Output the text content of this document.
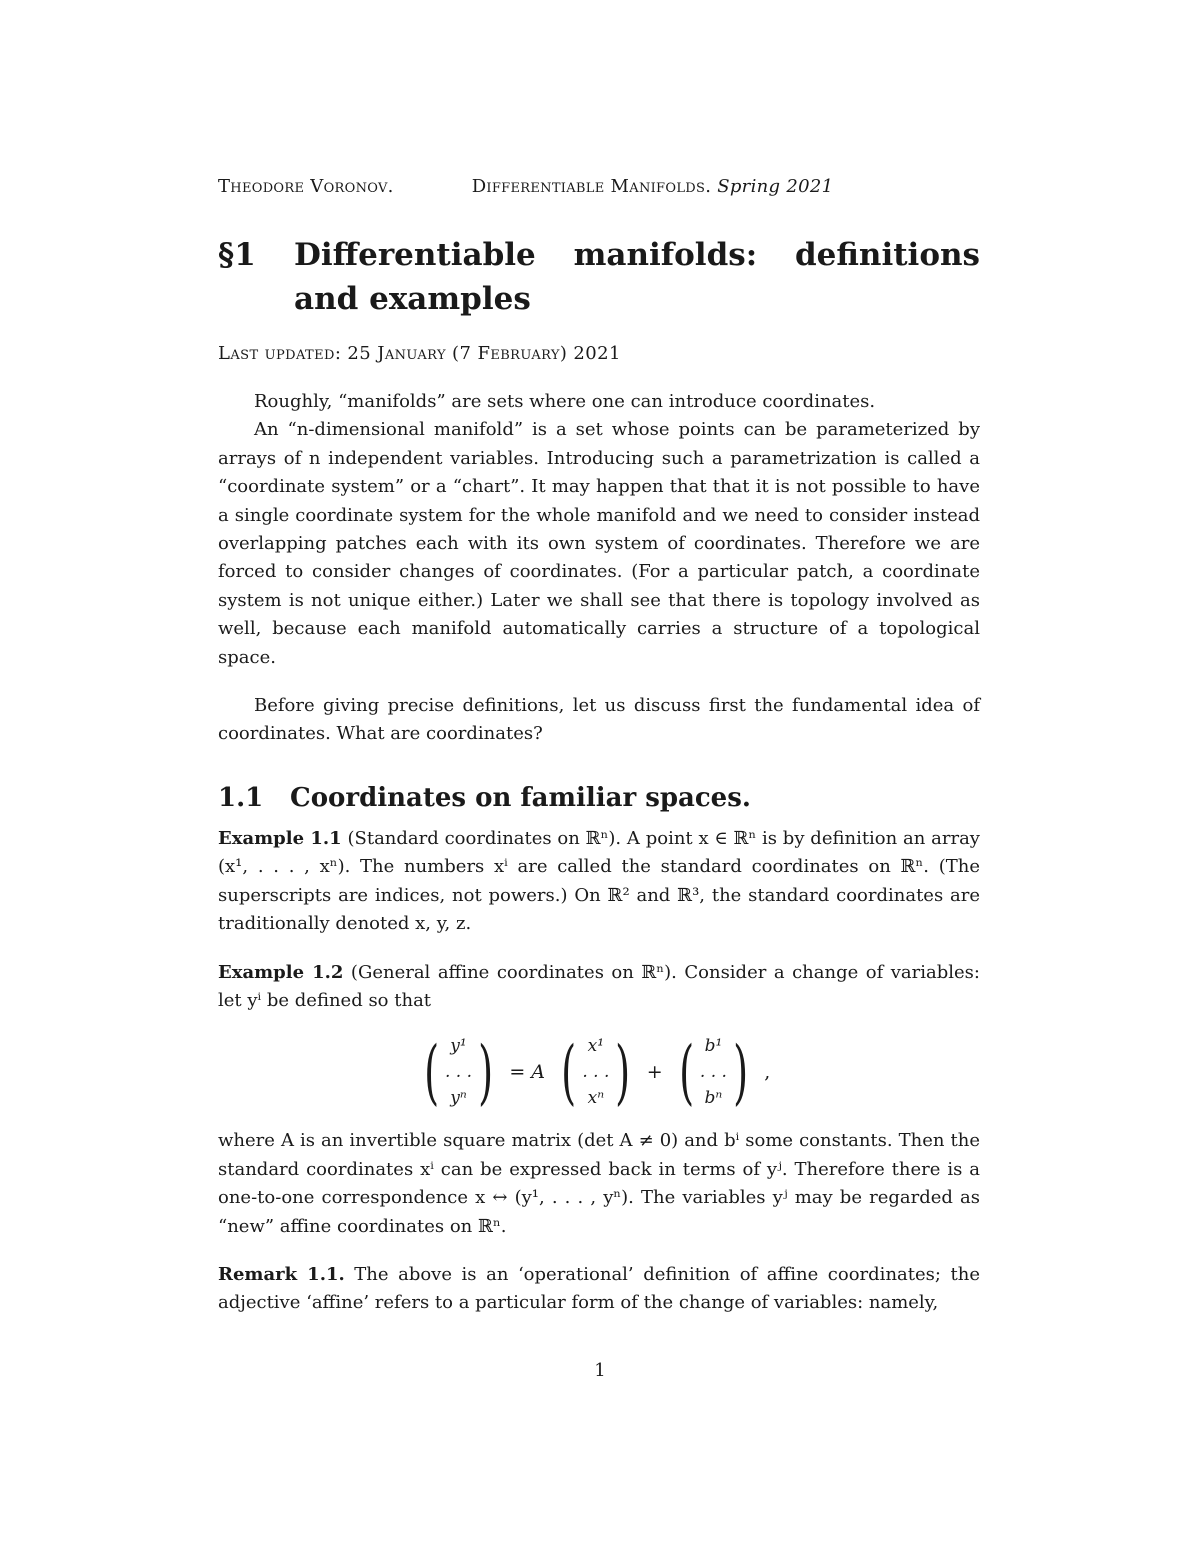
Theodore Voronov.	Differentiable Manifolds. Spring 2021
§1	Differentiable manifolds: definitions and examples
Last updated: 25 January (7 February) 2021

Roughly, “manifolds” are sets where one can introduce coordinates.

An “n-dimensional manifold” is a set whose points can be parameterized by arrays of n independent variables. Introducing such a parametrization is called a “coordinate system” or a “chart”. It may happen that that it is not possible to have a single coordinate system for the whole manifold and we need to consider instead overlapping patches each with its own system of coordinates. Therefore we are forced to consider changes of coordinates. (For a particular patch, a coordinate system is not unique either.) Later we shall see that there is topology involved as well, because each manifold automatically carries a structure of a topological space.

Before giving precise definitions, let us discuss first the fundamental idea of coordinates. What are coordinates?

1.1	Coordinates on familiar spaces.

Example 1.1 (Standard coordinates on ℝⁿ). A point x ∈ ℝⁿ is by definition an array (x¹, . . . , xⁿ). The numbers xⁱ are called the standard coordinates on ℝⁿ. (The superscripts are indices, not powers.) On ℝ² and ℝ³, the standard coordinates are traditionally denoted x, y, z.

Example 1.2 (General affine coordinates on ℝⁿ). Consider a change of variables: let yⁱ be defined so that

( y¹
. . .
yⁿ ) = A ( x¹
. . .
xⁿ ) + ( b¹
. . .
bⁿ ) ,

where A is an invertible square matrix (det A ≠ 0) and bⁱ some constants. Then the standard coordinates xⁱ can be expressed back in terms of yʲ. Therefore there is a one-to-one correspondence x ↔ (y¹, . . . , yⁿ). The variables yʲ may be regarded as “new” affine coordinates on ℝⁿ.

Remark 1.1. The above is an ‘operational’ definition of affine coordinates; the adjective ‘affine’ refers to a particular form of the change of variables: namely,

1
